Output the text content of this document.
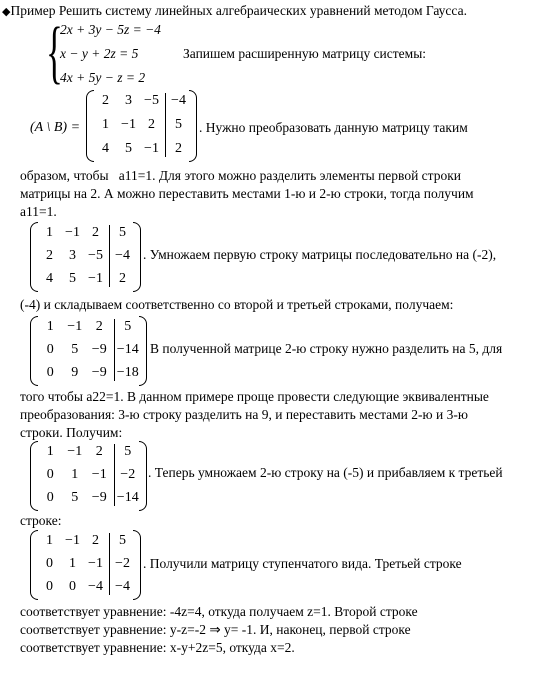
◆Пример Решить систему линейных алгебраических уравнений методом Гаусса.
{
2x + 3y − 5z = −4
x − y + 2z = 5
4x + 5y − z = 2
Запишем расширенную матрицу системы:
(A \ B) =
2	3 −5 −4
1 −1 2	5
4	5 −1	2
. Нужно преобразовать данную матрицу таким
образом, чтобы a11=1. Для этого можно разделить элементы первой строки
матрицы на 2. А можно переставить местами 1-ю и 2-ю строки, тогда получим
a11=1.
1 −1 2	5
2	3 −5 −4
4	5 −1	2
. Умножаем первую строку матрицы последовательно на (-2),
(-4) и складываем соответственно со второй и третьей строками, получаем:
1 −1 2	5
0	5 −9 −14
0	9 −9 −18
В полученной матрице 2-ю строку нужно разделить на 5, для
того чтобы a22=1. В данном примере проще провести следующие эквивалентные
преобразования: 3-ю строку разделить на 9, и переставить местами 2-ю и 3-ю
строки. Получим:
1 −1 2	5
0	1 −1 −2
0	5 −9 −14
. Теперь умножаем 2-ю строку на (-5) и прибавляем к третьей
строке:
1 −1 2	5
0	1 −1 −2
0	0 −4 −4
. Получили матрицу ступенчатого вида. Третьей строке
соответствует уравнение: -4z=4, откуда получаем z=1. Второй строке
соответствует уравнение: y-z=-2 ⇒ y= -1. И, наконец, первой строке
соответствует уравнение: x-y+2z=5, откуда x=2.
